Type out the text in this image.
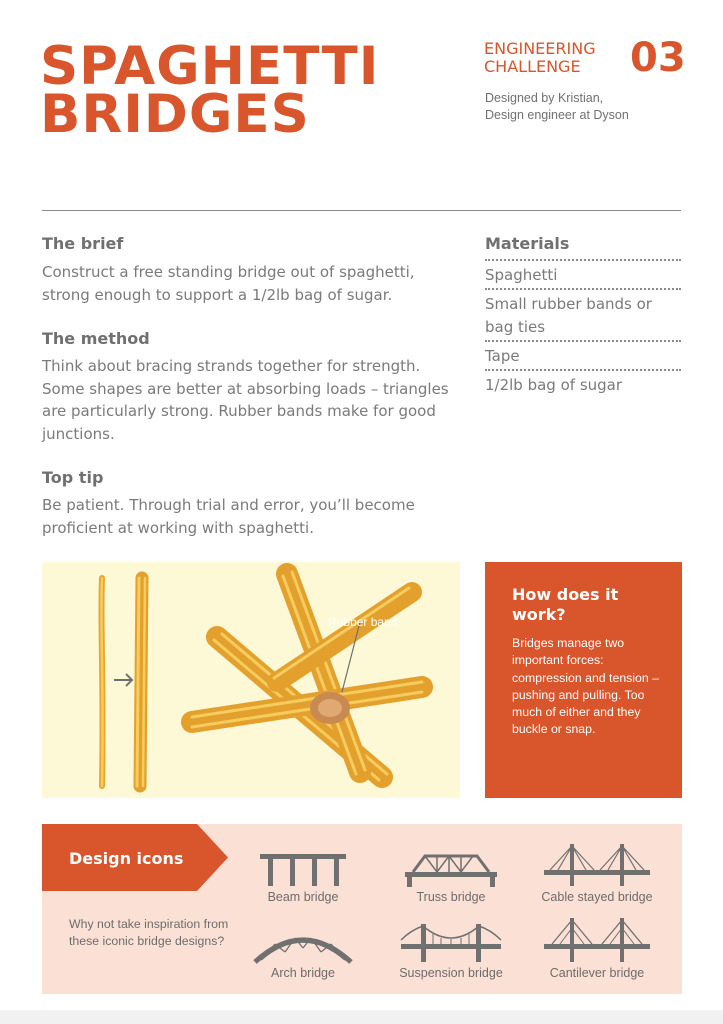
SPAGHETTI
BRIDGES
ENGINEERING
CHALLENGE	03
Designed by Kristian,
Design engineer at Dyson
The brief
Construct a free standing bridge out of spaghetti, strong enough to support a 1/2lb bag of sugar.
The method
Think about bracing strands together for strength. Some shapes are better at absorbing loads – triangles are particularly strong. Rubber bands make for good junctions.
Top tip
Be patient. Through trial and error, you’ll become proficient at working with spaghetti.
Materials
Spaghetti
Small rubber bands or bag ties
Tape
1/2lb bag of sugar
Rubber band
How does it work?
Bridges manage two important forces: compression and tension – pushing and pulling. Too much of either and they buckle or snap.
Design icons
Why not take inspiration from these iconic bridge designs?
Beam bridge	Truss bridge	Cable stayed bridge
Arch bridge	Suspension bridge	Cantilever bridge
